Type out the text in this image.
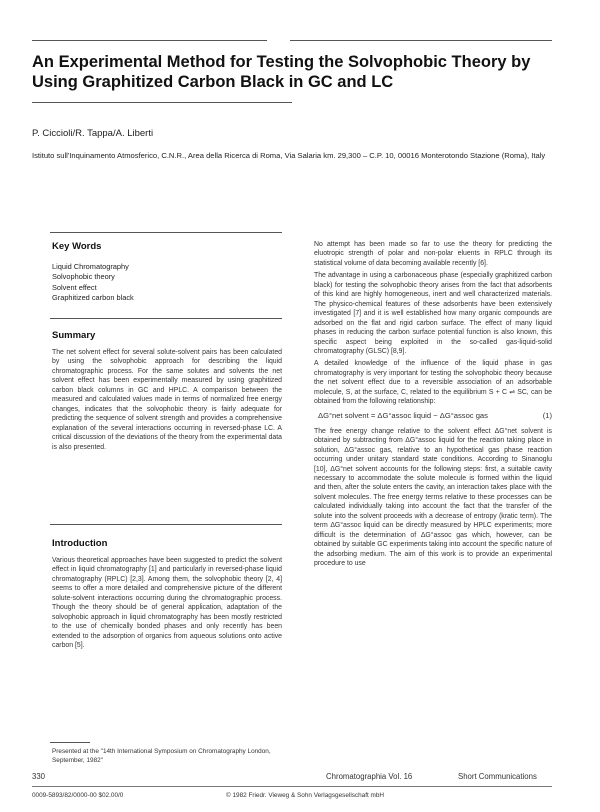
An Experimental Method for Testing the Solvophobic Theory by Using Graphitized Carbon Black in GC and LC
P. Ciccioli/R. Tappa/A. Liberti
Istituto sull'Inquinamento Atmosferico, C.N.R., Area della Ricerca di Roma, Via Salaria km. 29,300 – C.P. 10, 00016 Monterotondo Stazione (Roma), Italy
Key Words
Liquid Chromatography
Solvophobic theory
Solvent effect
Graphitized carbon black
Summary

The net solvent effect for several solute-solvent pairs has been calculated by using the solvophobic approach for describing the liquid chromatographic process. For the same solutes and solvents the net solvent effect has been experimentally measured by using graphitized carbon black columns in GC and HPLC. A comparison between the measured and calculated values made in terms of normalized free energy changes, indicates that the solvophobic theory is fairly adequate for predicting the sequence of solvent strength and provides a comprehensive explanation of the several interactions occurring in reversed-phase LC. A critical discussion of the deviations of the theory from the experimental data is also presented.

Introduction

Various theoretical approaches have been suggested to predict the solvent effect in liquid chromatography [1] and particularly in reversed-phase liquid chromatography (RPLC) [2,3]. Among them, the solvophobic theory [2, 4] seems to offer a more detailed and comprehensive picture of the different solute-solvent interactions occurring during the chromatographic process. Though the theory should be of general application, adaptation of the solvophobic approach in liquid chromatography has been mostly restricted to the use of chemically bonded phases and only recently has been extended to the adsorption of organics from aqueous solutions onto active carbon [5].

Presented at the "14th International Symposium on Chromatography London, September, 1982"

No attempt has been made so far to use the theory for predicting the eluotropic strength of polar and non-polar eluents in RPLC through its statistical volume of data becoming available recently [6].

The advantage in using a carbonaceous phase (especially graphitized carbon black) for testing the solvophobic theory arises from the fact that adsorbents of this kind are highly homogeneous, inert and well characterized materials. The physico-chemical features of these adsorbents have been extensively investigated [7] and it is well established how many organic compounds are adsorbed on the flat and rigid carbon surface. The effect of many liquid phases in reducing the carbon surface potential function is also known, this specific aspect being exploited in the so-called gas-liquid-solid chromatography (GLSC) [8,9].

A detailed knowledge of the influence of the liquid phase in gas chromatography is very important for testing the solvophobic theory because the net solvent effect due to a reversible association of an adsorbable molecule, S, at the surface, C, related to the equilibrium S + C ⇌ SC, can be obtained from the following relationship:

ΔG°net solvent = ΔG°assoc liquid − ΔG°assoc gas	(1)

The free energy change relative to the solvent effect ΔG°net solvent is obtained by subtracting from ΔG°assoc liquid for the reaction taking place in solution, ΔG°assoc gas, relative to an hypothetical gas phase reaction occurring under unitary standard state conditions. According to Sinanoglu [10], ΔG°net solvent accounts for the following steps: first, a suitable cavity necessary to accommodate the solute molecule is formed within the liquid and then, after the solute enters the cavity, an interaction takes place with the solvent molecules. The free energy terms relative to these processes can be calculated individually taking into account the fact that the transfer of the solute into the solvent proceeds with a decrease of entropy (kratic term). The term ΔG°assoc liquid can be directly measured by HPLC experiments; more difficult is the determination of ΔG°assoc gas which, however, can be obtained by suitable GC experiments taking into account the specific nature of the adsorbing medium. The aim of this work is to provide an experimental procedure to use

330	Chromatographia Vol. 16	Short Communications
0009-5893/82/0000-00 $02.00/0	© 1982 Friedr. Vieweg & Sohn Verlagsgesellschaft mbH
